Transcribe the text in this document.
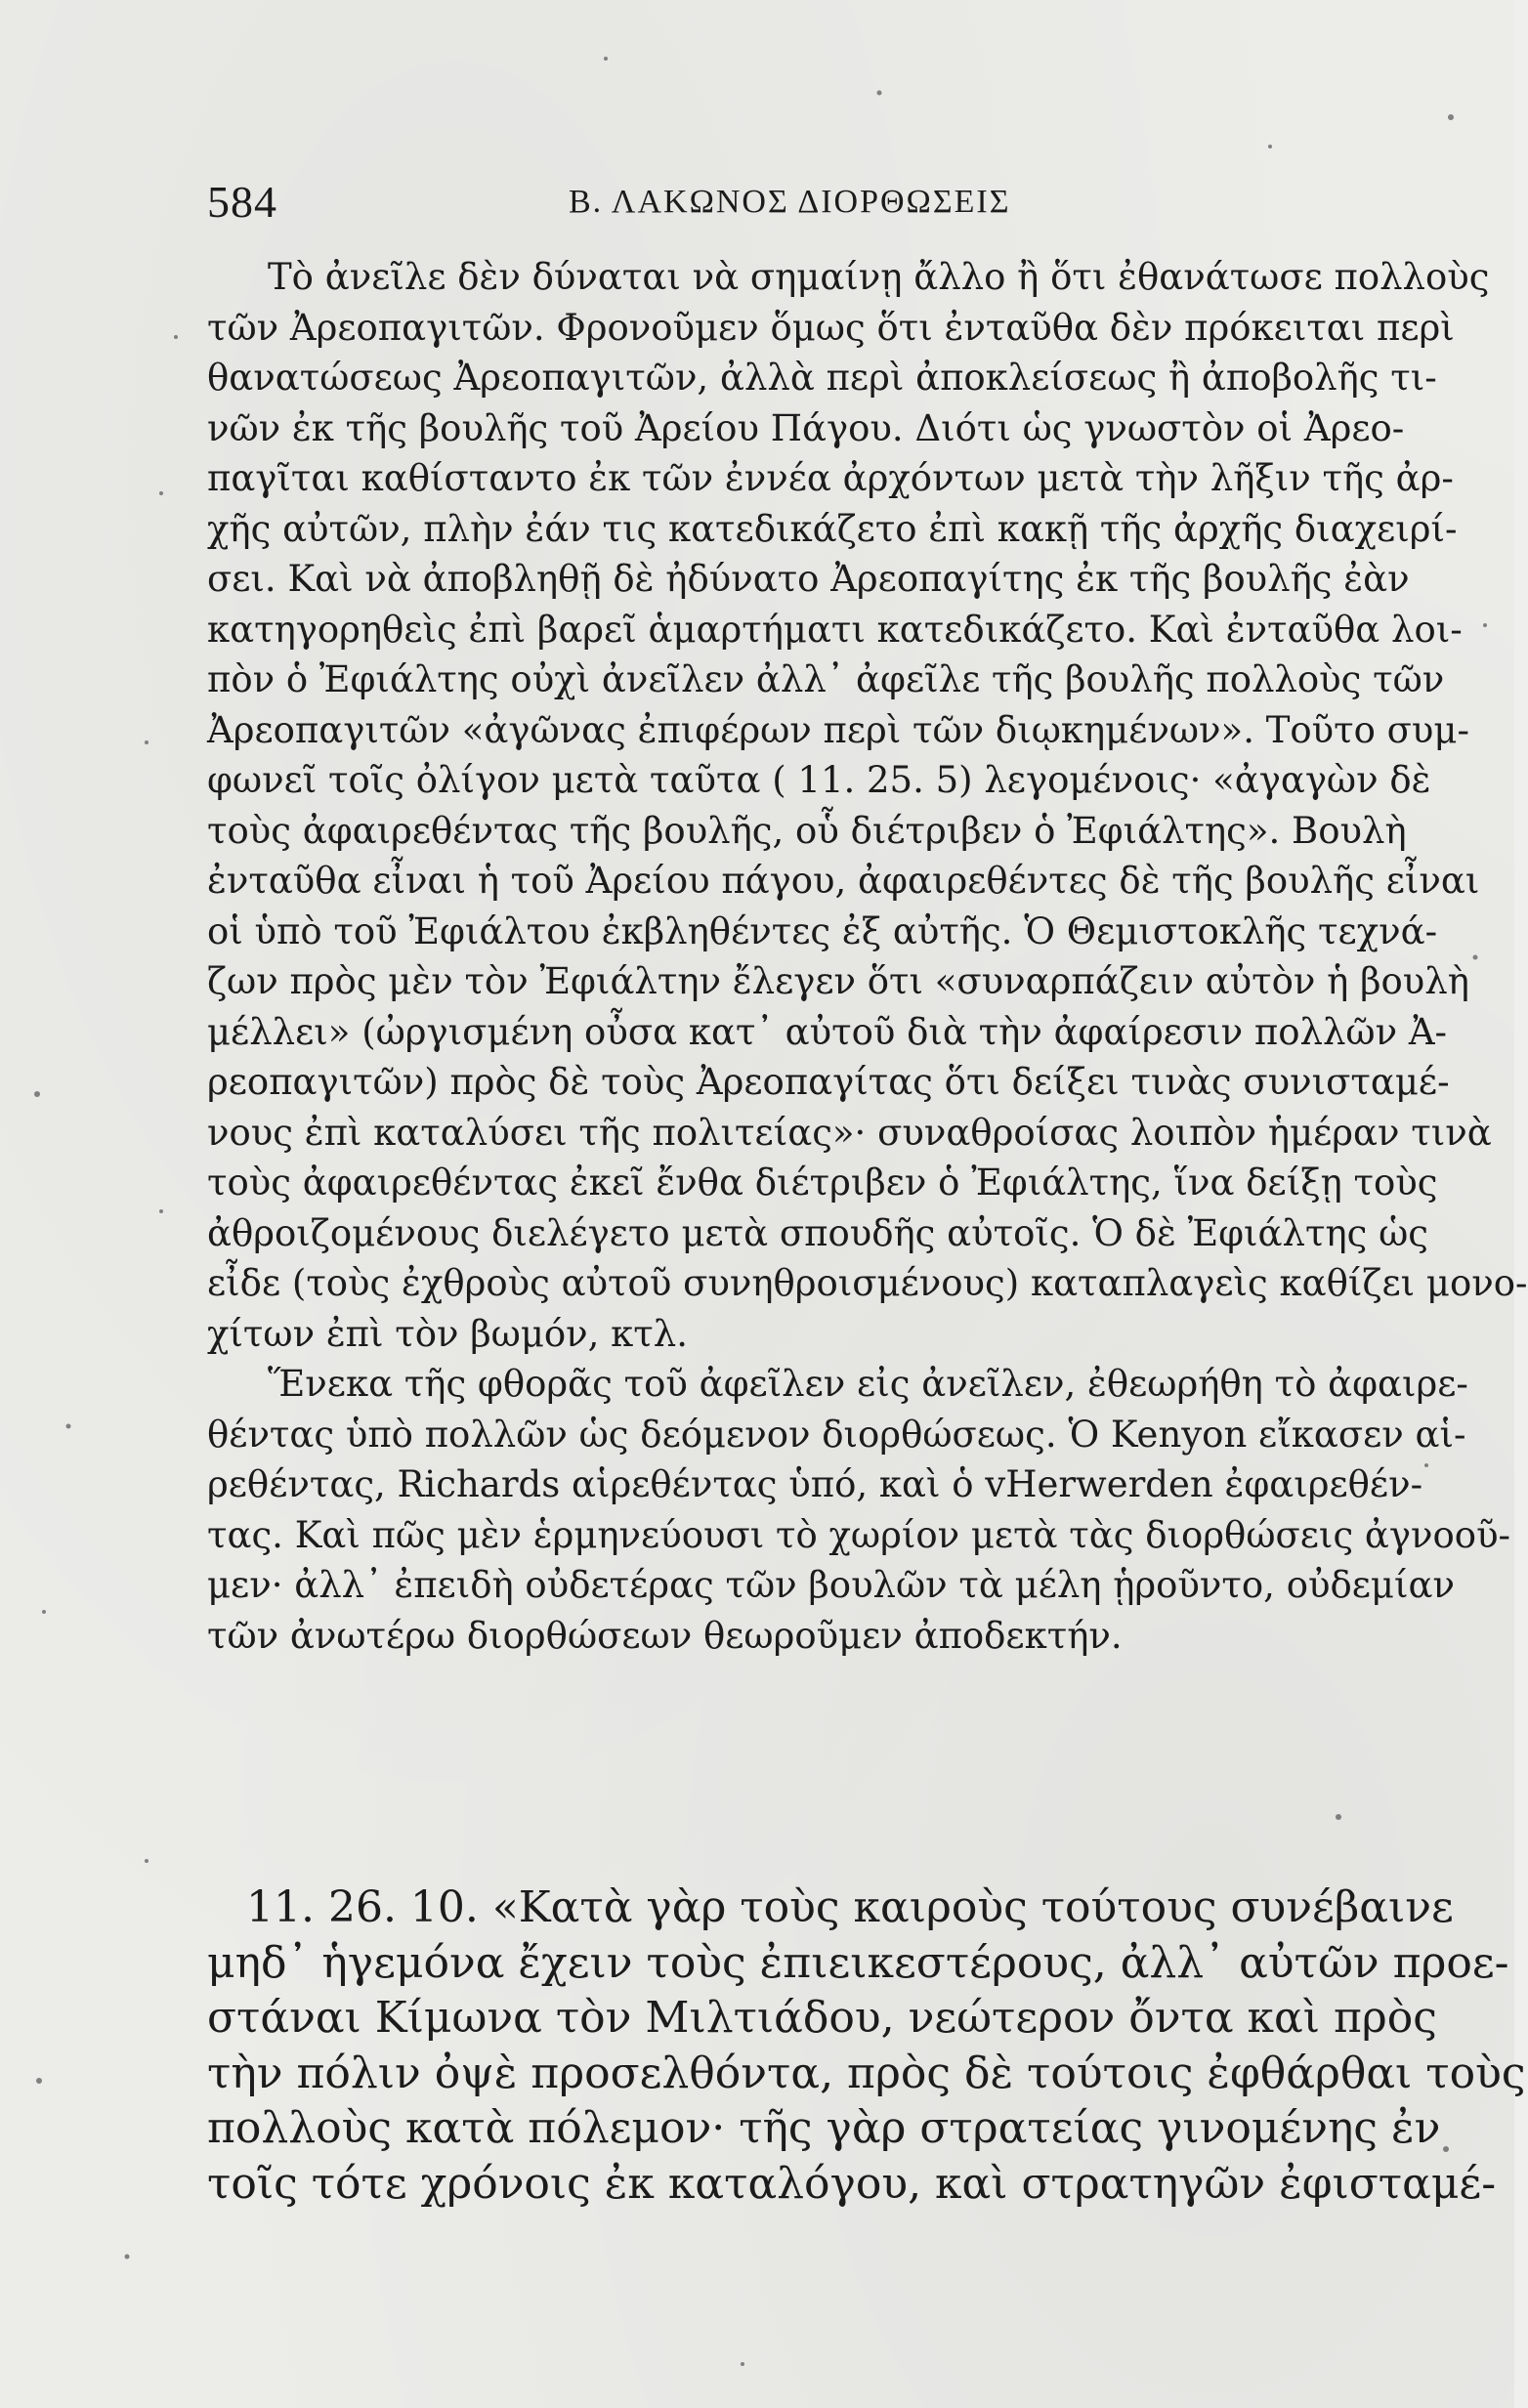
584	Β. ΛΑΚΩΝΟΣ ΔΙΟΡΘΩΣΕΙΣ
Τὸ ἀνεῖλε δὲν δύναται νὰ σημαίνῃ ἄλλο ἢ ὅτι ἐθανάτωσε πολλοὺς
τῶν Ἀρεοπαγιτῶν. Φρονοῦμεν ὅμως ὅτι ἐνταῦθα δὲν πρόκειται περὶ
θανατώσεως Ἀρεοπαγιτῶν, ἀλλὰ περὶ ἀποκλείσεως ἢ ἀποβολῆς τι-
νῶν ἐκ τῆς βουλῆς τοῦ Ἀρείου Πάγου. Διότι ὡς γνωστὸν οἱ Ἀρεο-
παγῖται καθίσταντο ἐκ τῶν ἐννέα ἀρχόντων μετὰ τὴν λῆξιν τῆς ἀρ-
χῆς αὐτῶν, πλὴν ἐάν τις κατεδικάζετο ἐπὶ κακῇ τῆς ἀρχῆς διαχειρί-
σει. Καὶ νὰ ἀποβληθῇ δὲ ἠδύνατο Ἀρεοπαγίτης ἐκ τῆς βουλῆς ἐὰν
κατηγορηθεὶς ἐπὶ βαρεῖ ἁμαρτήματι κατεδικάζετο. Καὶ ἐνταῦθα λοι-
πὸν ὁ Ἐφιάλτης οὐχὶ ἀνεῖλεν ἀλλ᾽ ἀφεῖλε τῆς βουλῆς πολλοὺς τῶν
Ἀρεοπαγιτῶν «ἀγῶνας ἐπιφέρων περὶ τῶν διῳκημένων». Τοῦτο συμ-
φωνεῖ τοῖς ὀλίγον μετὰ ταῦτα ( 11. 25. 5) λεγομένοις· «ἀγαγὼν δὲ
τοὺς ἀφαιρεθέντας τῆς βουλῆς, οὗ διέτριβεν ὁ Ἐφιάλτης». Βουλὴ
ἐνταῦθα εἶναι ἡ τοῦ Ἀρείου πάγου, ἀφαιρεθέντες δὲ τῆς βουλῆς εἶναι
οἱ ὑπὸ τοῦ Ἐφιάλτου ἐκβληθέντες ἐξ αὐτῆς. Ὁ Θεμιστοκλῆς τεχνά-
ζων πρὸς μὲν τὸν Ἐφιάλτην ἔλεγεν ὅτι «συναρπάζειν αὐτὸν ἡ βουλὴ
μέλλει» (ὠργισμένη οὖσα κατ᾽ αὐτοῦ διὰ τὴν ἀφαίρεσιν πολλῶν Ἀ-
ρεοπαγιτῶν) πρὸς δὲ τοὺς Ἀρεοπαγίτας ὅτι δείξει τινὰς συνισταμέ-
νους ἐπὶ καταλύσει τῆς πολιτείας»· συναθροίσας λοιπὸν ἡμέραν τινὰ
τοὺς ἀφαιρεθέντας ἐκεῖ ἔνθα διέτριβεν ὁ Ἐφιάλτης, ἵνα δείξῃ τοὺς
ἀθροιζομένους διελέγετο μετὰ σπουδῆς αὐτοῖς. Ὁ δὲ Ἐφιάλτης ὡς
εἶδε (τοὺς ἐχθροὺς αὐτοῦ συνηθροισμένους) καταπλαγεὶς καθίζει μονο-
χίτων ἐπὶ τὸν βωμόν, κτλ.
Ἕνεκα τῆς φθορᾶς τοῦ ἀφεῖλεν εἰς ἀνεῖλεν, ἐθεωρήθη τὸ ἀφαιρε-
θέντας ὑπὸ πολλῶν ὡς δεόμενον διορθώσεως. Ὁ Kenyon εἴκασεν αἱ-
ρεθέντας, Richards αἱρεθέντας ὑπό, καὶ ὁ vHerwerden ἐφαιρεθέν-
τας. Καὶ πῶς μὲν ἑρμηνεύουσι τὸ χωρίον μετὰ τὰς διορθώσεις ἀγνοοῦ-
μεν· ἀλλ᾽ ἐπειδὴ οὐδετέρας τῶν βουλῶν τὰ μέλη ᾑροῦντο, οὐδεμίαν
τῶν ἀνωτέρω διορθώσεων θεωροῦμεν ἀποδεκτήν.
11. 26. 10. «Κατὰ γὰρ τοὺς καιροὺς τούτους συνέβαινε
μηδ᾽ ἡγεμόνα ἔχειν τοὺς ἐπιεικεστέρους, ἀλλ᾽ αὐτῶν προε-
στάναι Κίμωνα τὸν Μιλτιάδου, νεώτερον ὄντα καὶ πρὸς
τὴν πόλιν ὀψὲ προσελθόντα, πρὸς δὲ τούτοις ἐφθάρθαι τοὺς
πολλοὺς κατὰ πόλεμον· τῆς γὰρ στρατείας γινομένης ἐν
τοῖς τότε χρόνοις ἐκ καταλόγου, καὶ στρατηγῶν ἐφισταμέ-
